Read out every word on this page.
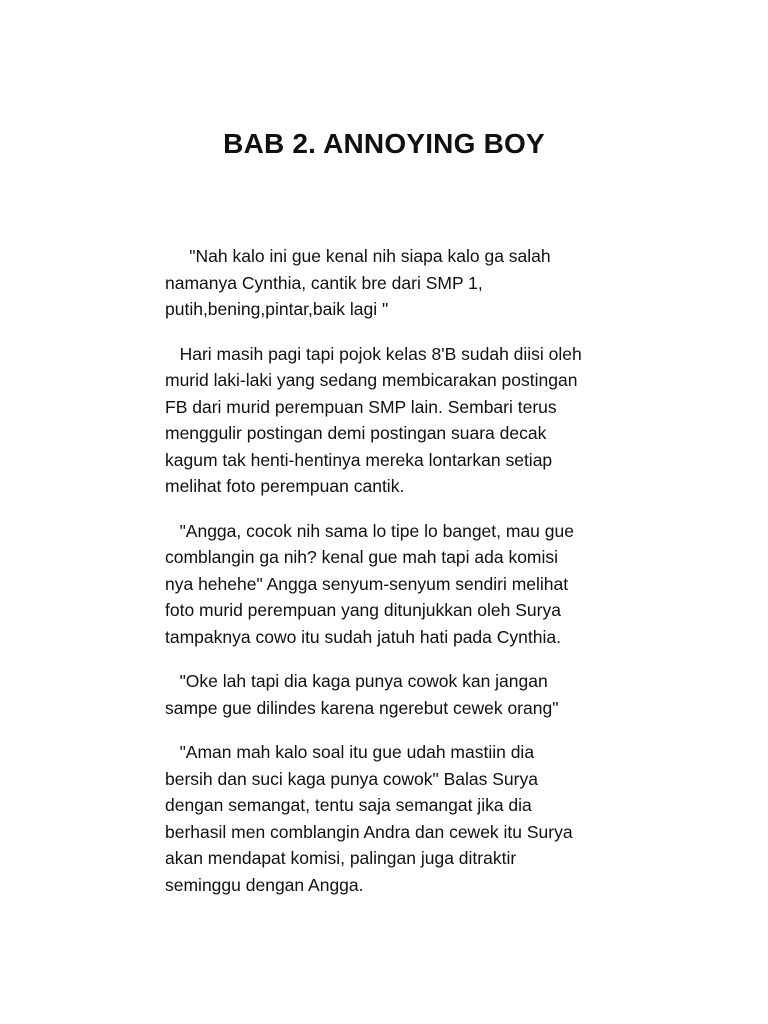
BAB 2. ANNOYING BOY

"Nah kalo ini gue kenal nih siapa kalo ga salah
namanya Cynthia, cantik bre dari SMP 1,
putih,bening,pintar,baik lagi "

Hari masih pagi tapi pojok kelas 8'B sudah diisi oleh
murid laki-laki yang sedang membicarakan postingan
FB dari murid perempuan SMP lain. Sembari terus
menggulir postingan demi postingan suara decak
kagum tak henti-hentinya mereka lontarkan setiap
melihat foto perempuan cantik.

"Angga, cocok nih sama lo tipe lo banget, mau gue
comblangin ga nih? kenal gue mah tapi ada komisi
nya hehehe" Angga senyum-senyum sendiri melihat
foto murid perempuan yang ditunjukkan oleh Surya
tampaknya cowo itu sudah jatuh hati pada Cynthia.

"Oke lah tapi dia kaga punya cowok kan jangan
sampe gue dilindes karena ngerebut cewek orang"

"Aman mah kalo soal itu gue udah mastiin dia
bersih dan suci kaga punya cowok" Balas Surya
dengan semangat, tentu saja semangat jika dia
berhasil men comblangin Andra dan cewek itu Surya
akan mendapat komisi, palingan juga ditraktir
seminggu dengan Angga.
